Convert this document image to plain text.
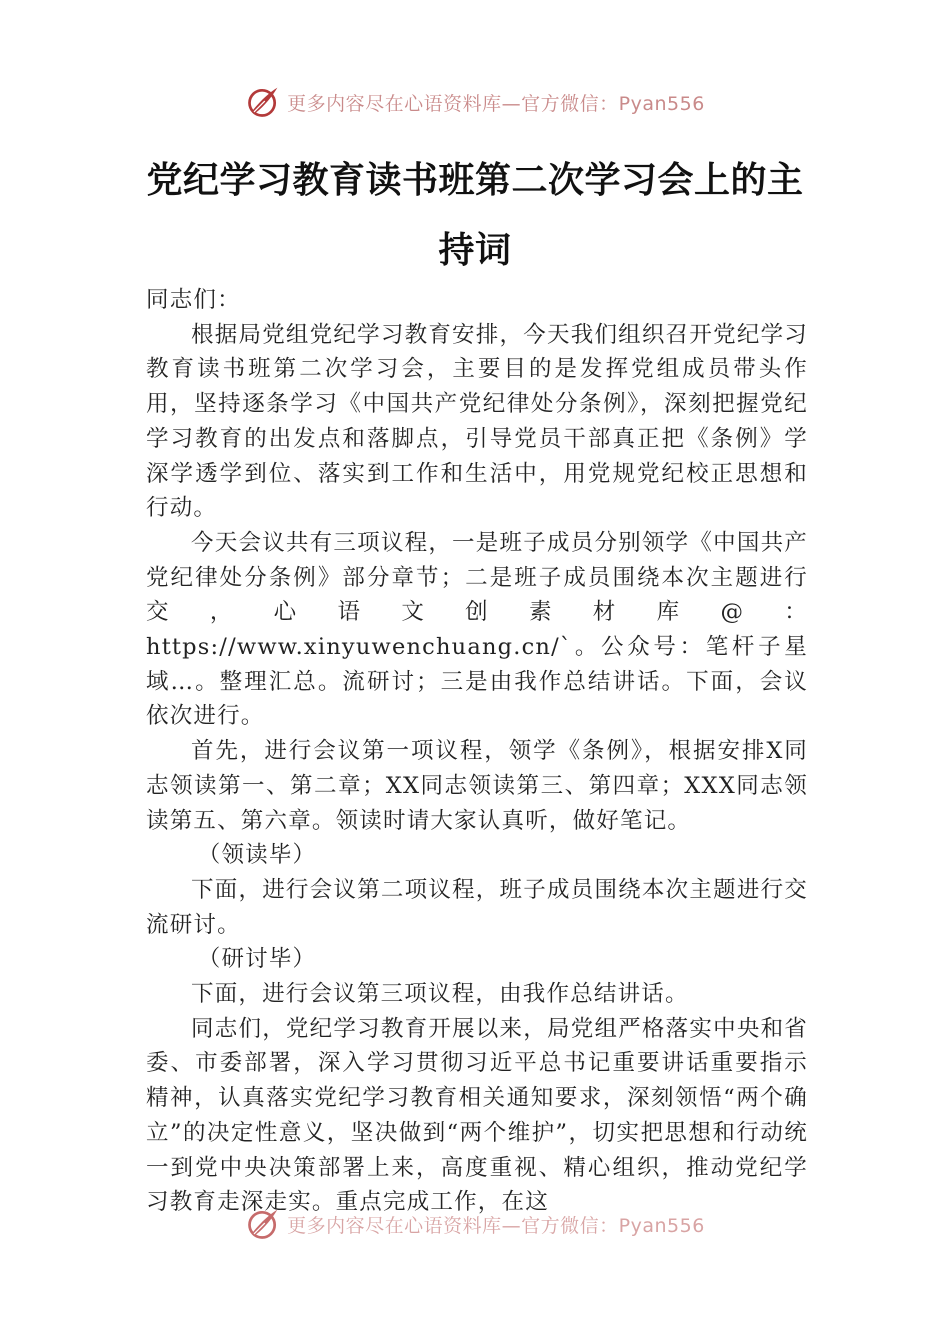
更多内容尽在心语资料库—官方微信：Pyan556
党纪学习教育读书班第二次学习会上的主
持词

同志们：

根据局党组党纪学习教育安排，今天我们组织召开党纪学习教育读书班第二次学习会，主要目的是发挥党组成员带头作用，坚持逐条学习《中国共产党纪律处分条例》，深刻把握党纪学习教育的出发点和落脚点，引导党员干部真正把《条例》学深学透学到位、落实到工作和生活中，用党规党纪校正思想和行动。

今天会议共有三项议程，一是班子成员分别领学《中国共产党纪律处分条例》部分章节；二是班子成员围绕本次主题进行交，心语文创素材库@：https://www.xinyuwenchuang.cn/`。公众号：笔杆子星域…。整理汇总。流研讨；三是由我作总结讲话。下面，会议依次进行。

首先，进行会议第一项议程，领学《条例》，根据安排X同志领读第一、第二章；XX同志领读第三、第四章；XXX同志领读第五、第六章。领读时请大家认真听，做好笔记。

（领读毕）

下面，进行会议第二项议程，班子成员围绕本次主题进行交流研讨。

（研讨毕）

下面，进行会议第三项议程，由我作总结讲话。

同志们，党纪学习教育开展以来，局党组严格落实中央和省委、市委部署，深入学习贯彻习近平总书记重要讲话重要指示精神，认真落实党纪学习教育相关通知要求，深刻领悟“两个确立”的决定性意义，坚决做到“两个维护”，切实把思想和行动统一到党中央决策部署上来，高度重视、精心组织，推动党纪学习教育走深走实。重点完成工作，在这

更多内容尽在心语资料库—官方微信：Pyan556
